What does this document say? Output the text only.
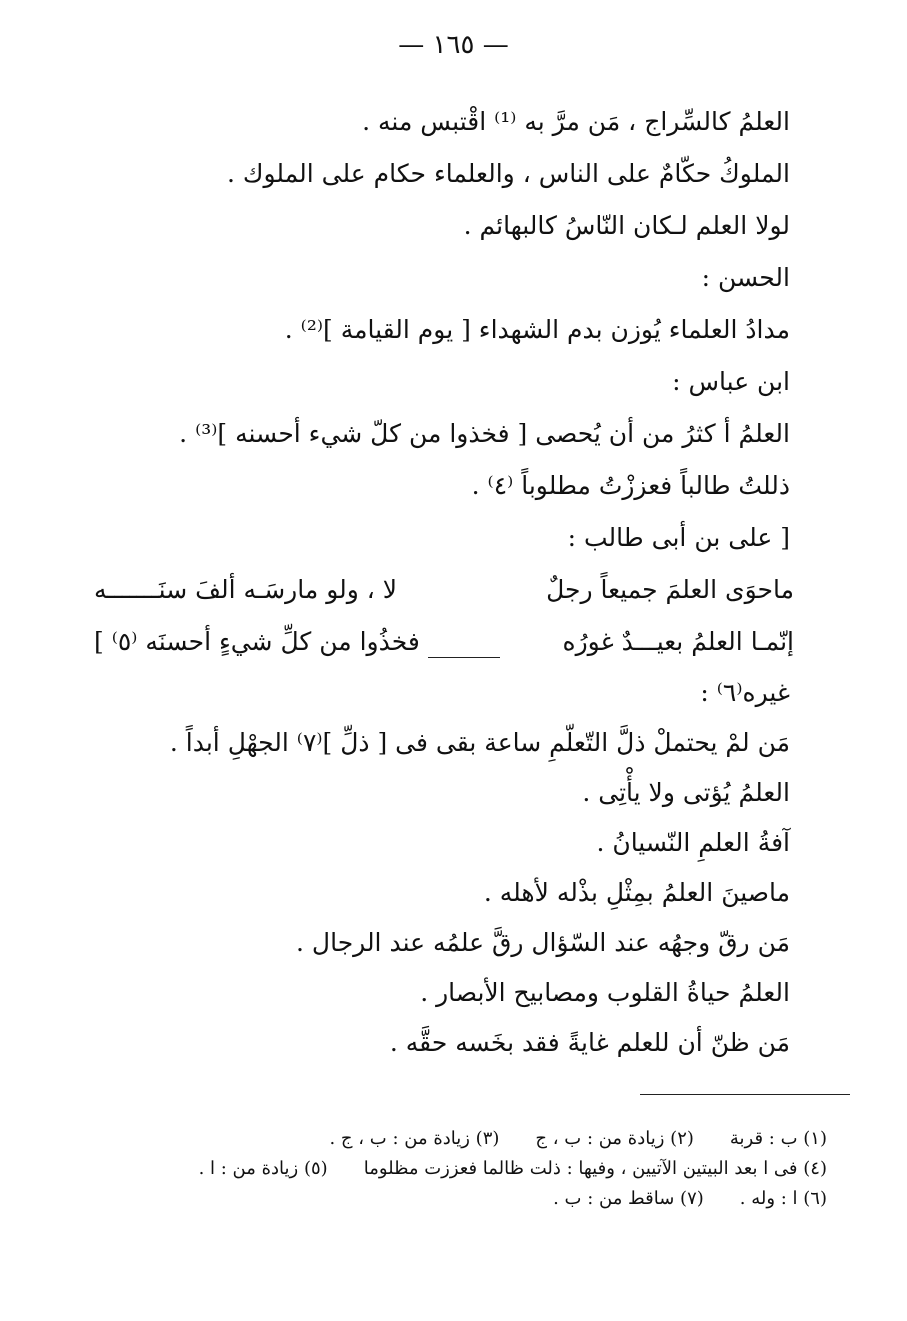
— ١٦٥ —
العلمُ كالسِّراج ، مَن مرَّ به ⁽¹⁾ اقْتبس منه .
الملوكُ حكّامٌ على الناس ، والعلماء حكام على الملوك .
لولا العلم لـكان النّاسُ كالبهائم .
الحسن :
مدادُ العلماء يُوزن بدم الشهداء [ يوم القيامة ]⁽²⁾ .
ابن عباس :
العلمُ أ كثرُ من أن يُحصى [ فخذوا من كلّ شيء أحسنه ]⁽³⁾ .
ذللتُ طالباً فعززْتُ مطلوباً ⁽٤⁾ .
[ على بن أبى طالب :
ماحوَى العلمَ جميعاً رجلٌ
لا ، ولو مارسَـه ألفَ سنَـــــــه
إنّمـا العلمُ بعيـــدٌ غورُه
فخذُوا من كلِّ شيءٍ أحسنَه ⁽٥⁾ ]
غيره⁽٦⁾ :
مَن لمْ يحتملْ ذلَّ التّعلّمِ ساعة بقى فى [ ذلِّ ]⁽٧⁾ الجهْلِ أبداً .
العلمُ يُؤتى ولا يأْتِى .
آفةُ العلمِ النّسيانُ .
ماصينَ العلمُ بمِثْلِ بذْله لأهله .
مَن رقّ وجهُه عند السّؤال رقَّ علمُه عند الرجال .
العلمُ حياةُ القلوب ومصابيح الأبصار .
مَن ظنّ أن للعلم غايةً فقد بخَسه حقَّه .
(١) ب : قربة(٢) زيادة من : ب ، ج(٣) زيادة من : ب ، ج .
(٤) فى ا بعد البيتين الآتيين ، وفيها : ذلت ظالما فعززت مظلوما(٥) زيادة من : ا .
(٦) ا : وله .(٧) ساقط من : ب .
